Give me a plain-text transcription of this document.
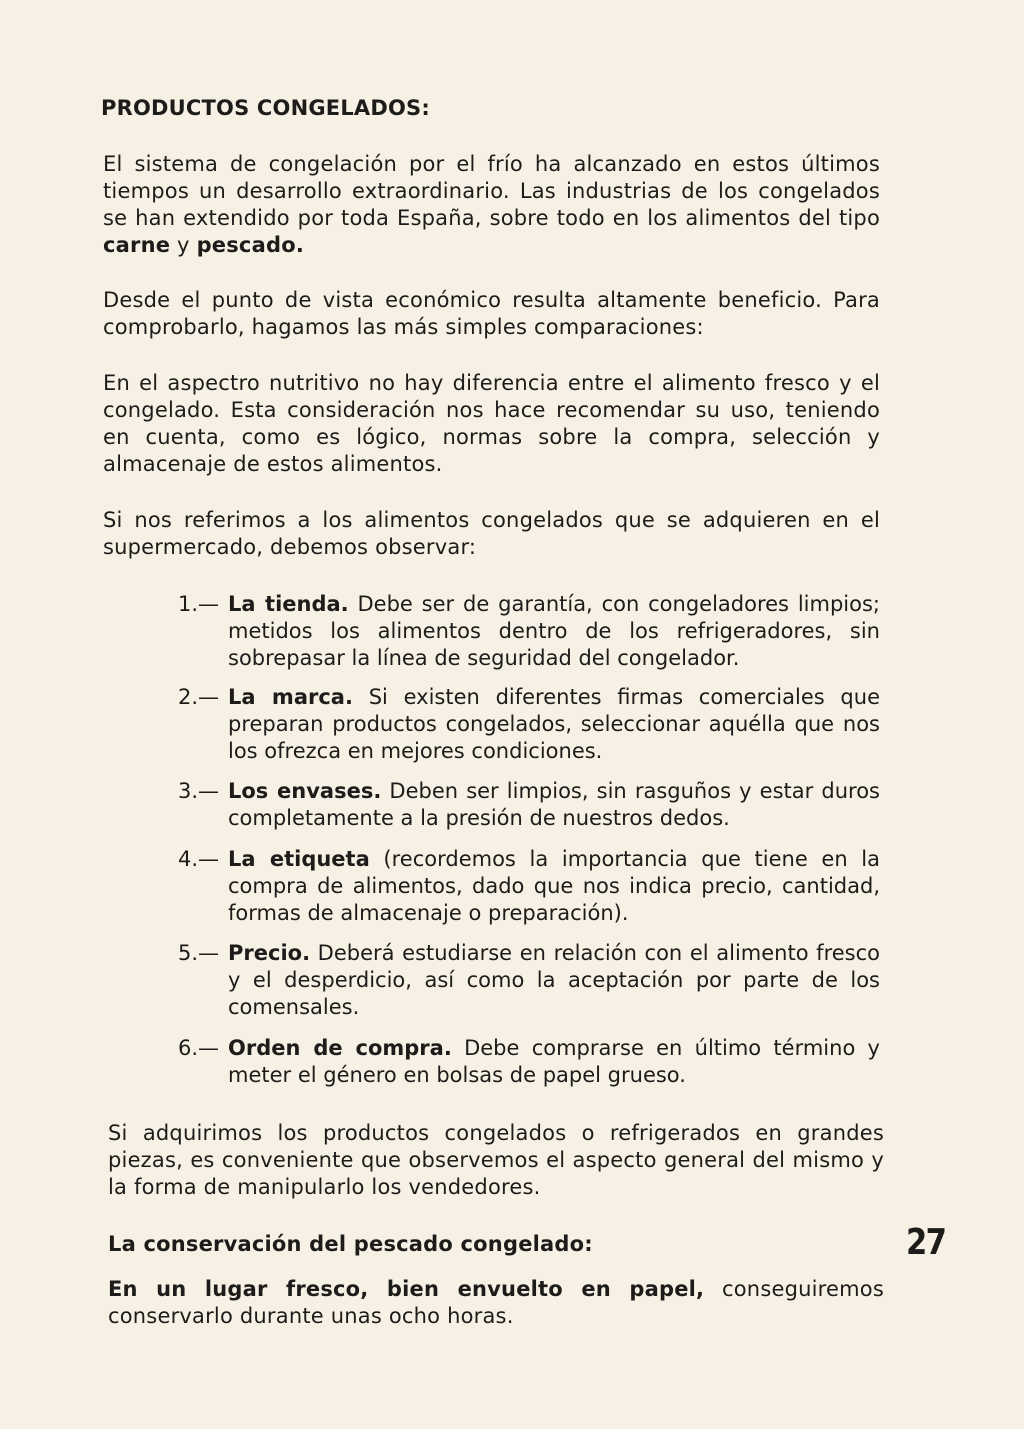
PRODUCTOS CONGELADOS:

El sistema de congelación por el frío ha alcanzado en estos últimos tiempos un desarrollo extraordinario. Las industrias de los congelados se han extendido por toda España, sobre todo en los alimentos del tipo carne y pescado.

Desde el punto de vista económico resulta altamente beneficio. Para comprobarlo, hagamos las más simples comparaciones:

En el aspectro nutritivo no hay diferencia entre el alimento fresco y el congelado. Esta consideración nos hace recomendar su uso, teniendo en cuenta, como es lógico, normas sobre la compra, selección y almacenaje de estos alimentos.

Si nos referimos a los alimentos congelados que se adquieren en el supermercado, debemos observar:

1.— La tienda. Debe ser de garantía, con congeladores limpios; metidos los alimentos dentro de los refrigeradores, sin sobrepasar la línea de seguridad del congelador.
2.— La marca. Si existen diferentes firmas comerciales que preparan productos congelados, seleccionar aquélla que nos los ofrezca en mejores condiciones.
3.— Los envases. Deben ser limpios, sin rasguños y estar duros completamente a la presión de nuestros dedos.
4.— La etiqueta (recordemos la importancia que tiene en la compra de alimentos, dado que nos indica precio, cantidad, formas de almacenaje o preparación).
5.— Precio. Deberá estudiarse en relación con el alimento fresco y el desperdicio, así como la aceptación por parte de los comensales.
6.— Orden de compra. Debe comprarse en último término y meter el género en bolsas de papel grueso.

Si adquirimos los productos congelados o refrigerados en grandes piezas, es conveniente que observemos el aspecto general del mismo y la forma de manipularlo los vendedores.

La conservación del pescado congelado:

En un lugar fresco, bien envuelto en papel, conseguiremos conservarlo durante unas ocho horas.

27
